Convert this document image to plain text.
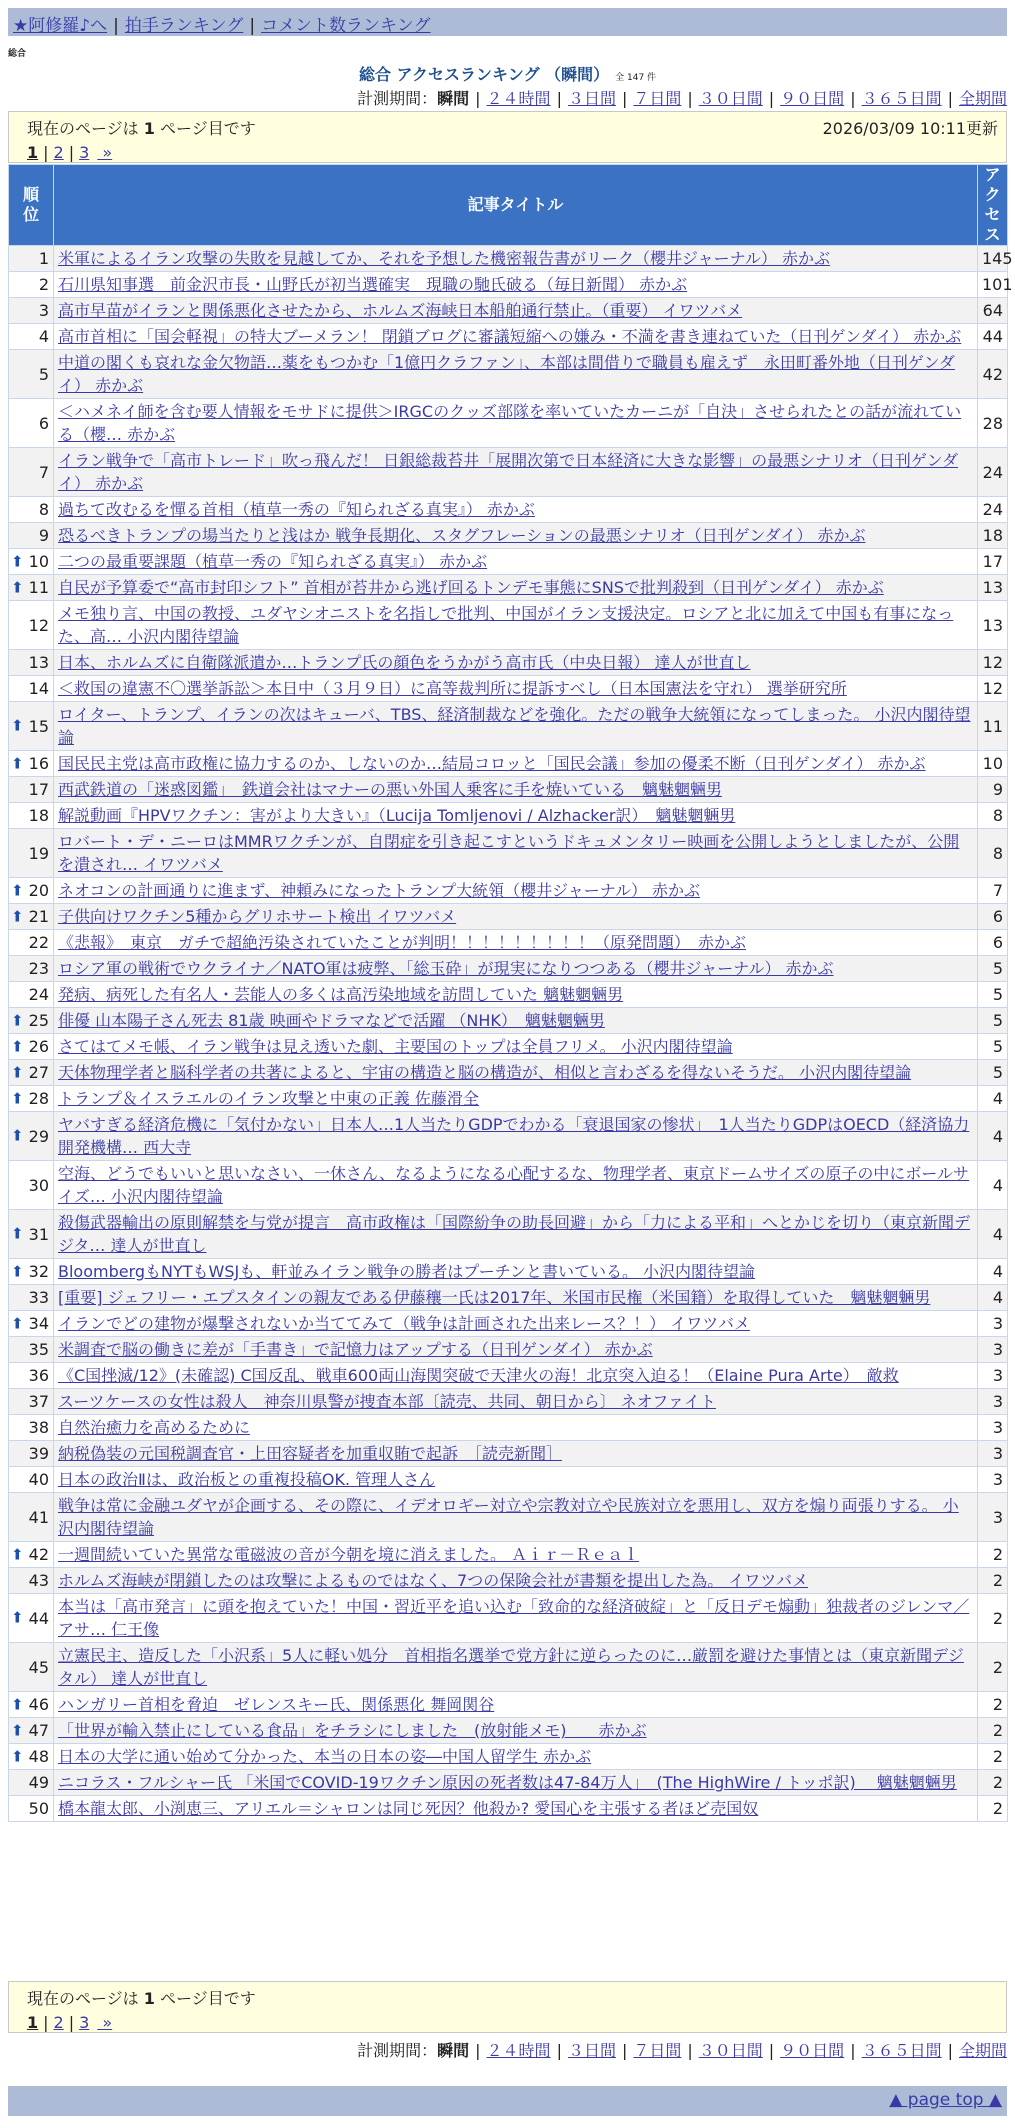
★阿修羅♪へ | 拍手ランキング | コメント数ランキング
総合
総合 アクセスランキング （瞬間） 全 147 件
計測期間：瞬間 | ２４時間 | ３日間 | ７日間 | ３０日間 | ９０日間 | ３６５日間 | 全期間
現在のページは 1 ページ目です	2026/03/09 10:11更新
1 | 2 | 3 »
順
位	記事タイトル	アク
セス
1	米軍によるイラン攻撃の失敗を見越してか、それを予想した機密報告書がリーク（櫻井ジャーナル） 赤かぶ	145
2	石川県知事選　前金沢市長・山野氏が初当選確実　現職の馳氏破る（毎日新聞） 赤かぶ	101
3	高市早苗がイランと関係悪化させたから、ホルムズ海峡日本船舶通行禁止。（重要） イワツバメ	64
4	高市首相に「国会軽視」の特大ブーメラン！ 閉鎖ブログに審議短縮への嫌み・不満を書き連ねていた（日刊ゲンダイ） 赤かぶ	44
5	中道の閣くも哀れな金欠物語…薬をもつかむ「1億円クラファン」、本部は間借りで職員も雇えず　永田町番外地（日刊ゲンダイ） 赤かぶ	42
6	＜ハメネイ師を含む要人情報をモサドに提供＞IRGCのクッズ部隊を率いていたカーニが「自決」させられたとの話が流れている（櫻… 赤かぶ	28
7	イラン戦争で「高市トレード」吹っ飛んだ！ 日銀総裁苔井「展開次第で日本経済に大きな影響」の最悪シナリオ（日刊ゲンダイ） 赤かぶ	24
8	過ちて改むるを憚る首相（植草一秀の『知られざる真実』） 赤かぶ	24
9	恐るべきトランプの場当たりと浅はか 戦争長期化、スタグフレーションの最悪シナリオ（日刊ゲンダイ） 赤かぶ	18

⬆ 10	二つの最重要課題（植草一秀の『知られざる真実』） 赤かぶ	17

⬆ 11	自民が予算委で“高市封印シフト” 首相が苔井から逃げ回るトンデモ事態にSNSで批判殺到（日刊ゲンダイ） 赤かぶ	13
12	メモ独り言、中国の教授、ユダヤシオニストを名指しで批判、中国がイラン支援決定。ロシアと北に加えて中国も有事になった、高… 小沢内閣待望論	13
13	日本、ホルムズに自衛隊派遣か…トランプ氏の顔色をうかがう高市氏（中央日報） 達人が世直し	12
14	＜救国の違憲不〇選挙訴訟＞本日中（３月９日）に高等裁判所に提訴すべし（日本国憲法を守れ） 選挙研究所	12

⬆ 15	ロイター、トランプ、イランの次はキューバ、TBS、経済制裁などを強化。ただの戦争大統領になってしまった。 小沢内閣待望論	11

⬆ 16	国民民主党は高市政権に協力するのか、しないのか…結局コロッと「国民会議」参加の優柔不断（日刊ゲンダイ） 赤かぶ	10
17	西武鉄道の「迷惑図鑑」　鉄道会社はマナーの悪い外国人乗客に手を焼いている　魑魅魍魎男	9
18	解説動画『HPVワクチン：害がより大きい』（Lucija Tomljenovi / Alzhacker訳）　魑魅魍魎男	8
19	ロバート・デ・ニーロはMMRワクチンが、自閉症を引き起こすというドキュメンタリー映画を公開しようとしましたが、公開を潰され… イワツバメ	8

⬆ 20	ネオコンの計画通りに進まず、神頼みになったトランプ大統領（櫻井ジャーナル） 赤かぶ	7

⬆ 21	子供向けワクチン5種からグリホサート検出 イワツバメ	6
22	《悲報》　東京　ガチで超絶汚染されていたことが判明！！！！！！！！！（原発問題）　赤かぶ	6
23	ロシア軍の戦術でウクライナ／NATO軍は疲弊、「総玉砕」が現実になりつつある（櫻井ジャーナル） 赤かぶ	5
24	発病、病死した有名人・芸能人の多くは高汚染地域を訪問していた 魑魅魍魎男	5

⬆ 25	俳優 山本陽子さん死去 81歳 映画やドラマなどで活躍 （NHK）　魑魅魍魎男	5

⬆ 26	さてはてメモ帳、イラン戦争は見え透いた劇、主要国のトップは全員フリメ。 小沢内閣待望論	5

⬆ 27	天体物理学者と脳科学者の共著によると、宇宙の構造と脳の構造が、相似と言わざるを得ないそうだ。 小沢内閣待望論	5

⬆ 28	トランプ＆イスラエルのイラン攻撃と中東の正義 佐藤滑全	4

⬆ 29	ヤバすぎる経済危機に「気付かない」日本人…1人当たりGDPでわかる「衰退国家の惨状」　1人当たりGDPはOECD（経済協力開発機構… 西大寺	4
30	空海、どうでもいいと思いなさい、一休さん、なるようになる心配するな、物理学者、東京ドームサイズの原子の中にボールサイズ… 小沢内閣待望論	4

⬆ 31	殺傷武器輸出の原則解禁を与党が提言　高市政権は「国際紛争の助長回避」から「力による平和」へとかじを切り（東京新聞デジタ… 達人が世直し	4

⬆ 32	BloombergもNYTもWSJも、軒並みイラン戦争の勝者はプーチンと書いている。 小沢内閣待望論	4
33	[重要] ジェフリー・エプスタインの親友である伊藤穰一氏は2017年、米国市民権（米国籍）を取得していた　魑魅魍魎男	4

⬆ 34	イランでどの建物が爆撃されないか当ててみて（戦争は計画された出来レース？！） イワツバメ	3
35	米調査で脳の働きに差が「手書き」で記憶力はアップする（日刊ゲンダイ） 赤かぶ	3
36	《C国挫滅/12》(未確認) C国反乱、戦車600両山海関突破で天津火の海！北京突入迫る！（Elaine Pura Arte）　敵救	3
37	スーツケースの女性は殺人　神奈川県警が捜査本部〔読売、共同、朝日から〕 ネオファイト	3
38	自然治癒力を高めるために	3
39	納税偽装の元国税調査官・上田容疑者を加重収賄で起訴　［読売新聞］	3
40	日本の政治Ⅱは、政治板との重複投稿OK. 管理人さん	3
41	戦争は常に金融ユダヤが企画する、その際に、イデオロギー対立や宗教対立や民族対立を悪用し、双方を煽り両張りする。 小沢内閣待望論	3

⬆ 42	一週間続いていた異常な電磁波の音が今朝を境に消えました。 Ａｉｒ－Ｒｅａｌ	2
43	ホルムズ海峡が閉鎖したのは攻撃によるものではなく、7つの保険会社が書類を提出した為。 イワツバメ	2

⬆ 44	本当は「高市発言」に頭を抱えていた！中国・習近平を追い込む「致命的な経済破綻」と「反日デモ煽動」独裁者のジレンマ／アサ… 仁王像	2
45	立憲民主、造反した「小沢系」5人に軽い処分　首相指名選挙で党方針に逆らったのに…厳罰を避けた事情とは（東京新聞デジタル） 達人が世直し	2

⬆ 46	ハンガリー首相を脅迫　ゼレンスキー氏、関係悪化 舞岡関谷	2

⬆ 47	「世界が輸入禁止にしている食品」をチラシにしました　(放射能メモ)　　赤かぶ	2

⬆ 48	日本の大学に通い始めて分かった、本当の日本の姿―中国人留学生 赤かぶ	2
49	ニコラス・フルシャー氏 「米国でCOVID-19ワクチン原因の死者数は47-84万人」　(The HighWire / トッポ訳)　 魑魅魍魎男	2
50	橋本龍太郎、小渕恵三、アリエル＝シャロンは同じ死因？他殺か? 愛国心を主張する者ほど売国奴	2
現在のページは 1 ページ目です
1 | 2 | 3 »
計測期間：瞬間 | ２４時間 | ３日間 | ７日間 | ３０日間 | ９０日間 | ３６５日間 | 全期間
▲ page top ▲
